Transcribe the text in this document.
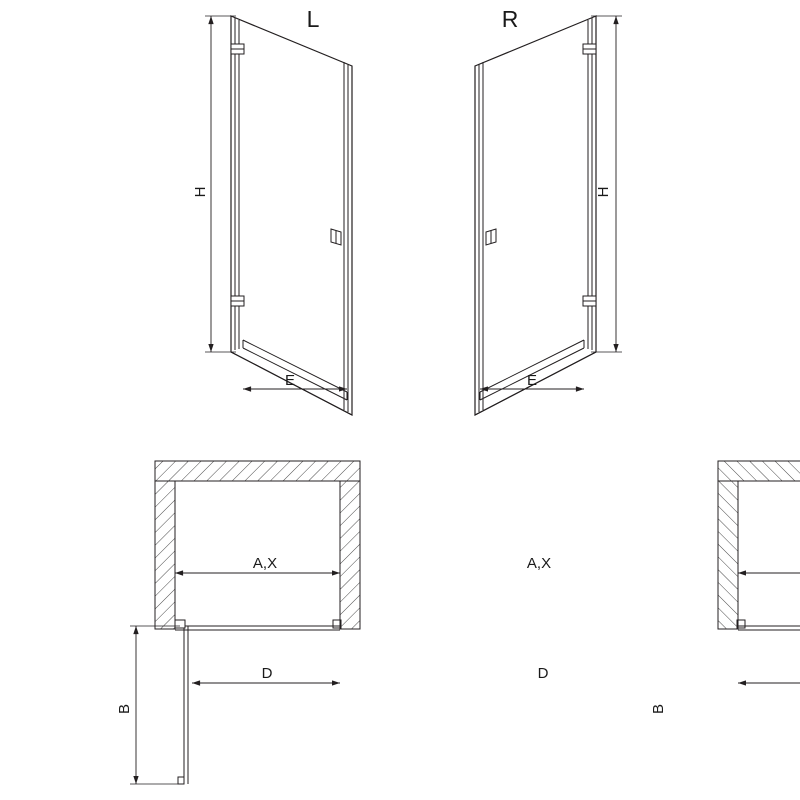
H
E
L
H
E
R
A,X
D
B
A,X
D
B
